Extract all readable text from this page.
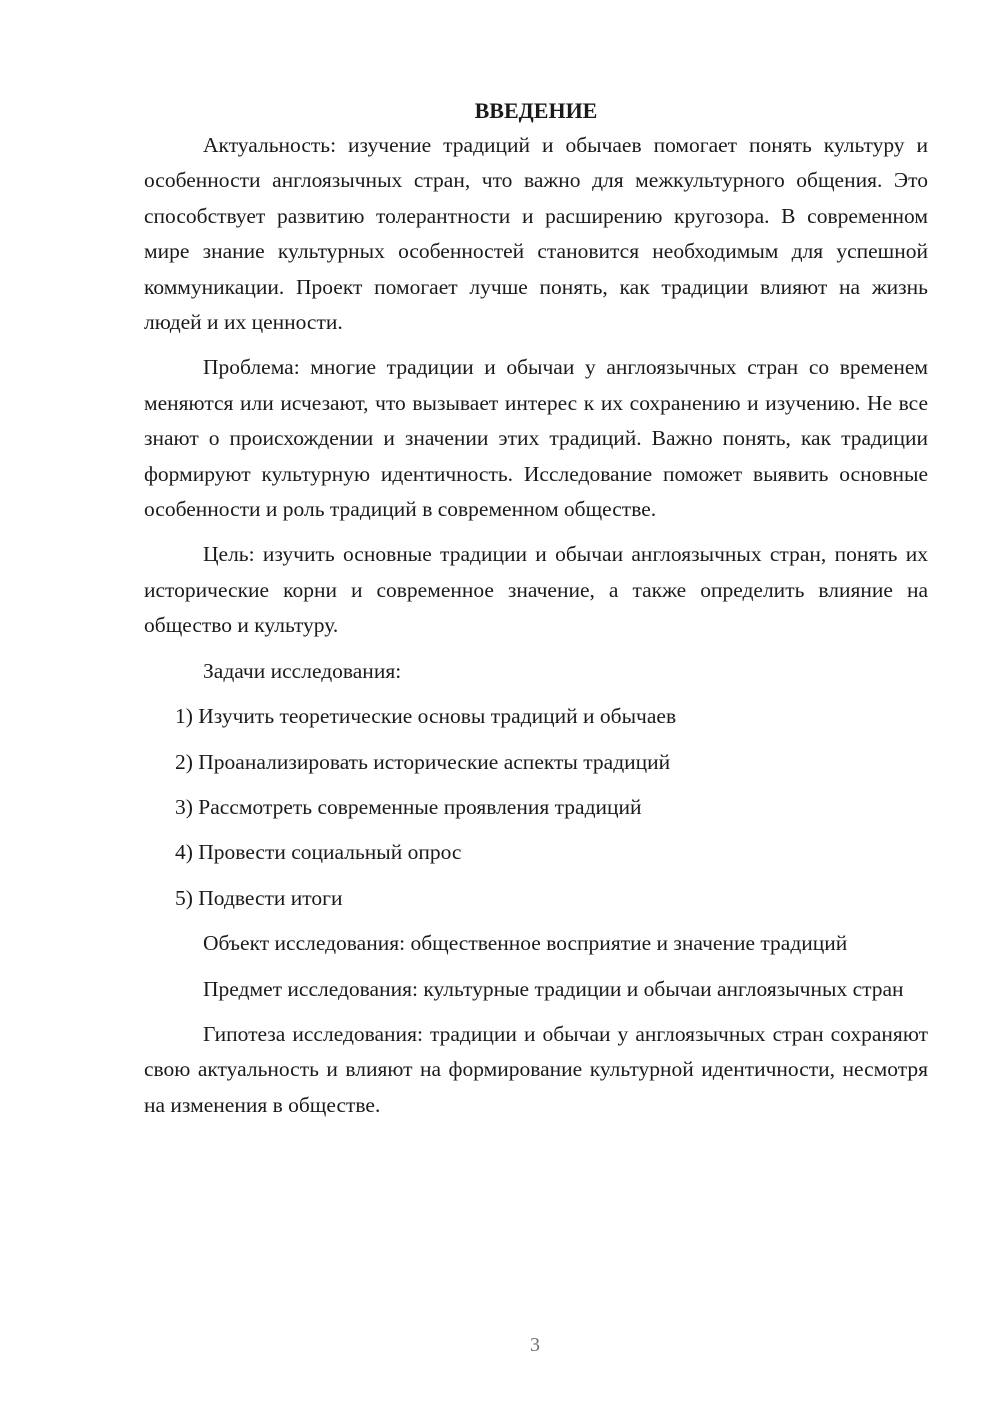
ВВЕДЕНИЕ

Актуальность: изучение традиций и обычаев помогает понять культуру и особенности англоязычных стран, что важно для межкультурного общения. Это способствует развитию толерантности и расширению кругозора. В современном мире знание культурных особенностей становится необходимым для успешной коммуникации. Проект помогает лучше понять, как традиции влияют на жизнь людей и их ценности.

Проблема: многие традиции и обычаи у англоязычных стран со временем меняются или исчезают, что вызывает интерес к их сохранению и изучению. Не все знают о происхождении и значении этих традиций. Важно понять, как традиции формируют культурную идентичность. Исследование поможет выявить основные особенности и роль традиций в современном обществе.

Цель: изучить основные традиции и обычаи англоязычных стран, понять их исторические корни и современное значение, а также определить влияние на общество и культуру.

Задачи исследования:

1) Изучить теоретические основы традиций и обычаев
2) Проанализировать исторические аспекты традиций
3) Рассмотреть современные проявления традиций
4) Провести социальный опрос
5) Подвести итоги

Объект исследования: общественное восприятие и значение традиций

Предмет исследования: культурные традиции и обычаи англоязычных стран

Гипотеза исследования: традиции и обычаи у англоязычных стран сохраняют свою актуальность и влияют на формирование культурной идентичности, несмотря на изменения в обществе.

3
